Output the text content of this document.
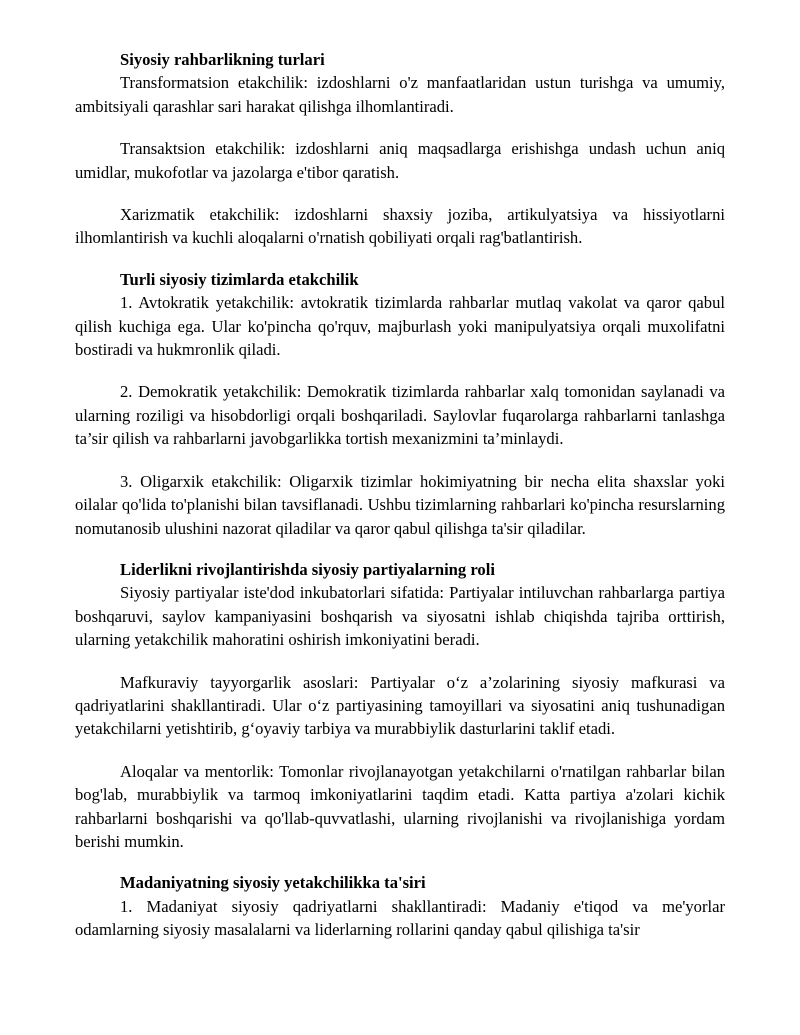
Siyosiy rahbarlikning turlari

Transformatsion etakchilik: izdoshlarni o'z manfaatlaridan ustun turishga va umumiy, ambitsiyali qarashlar sari harakat qilishga ilhomlantiradi.

Transaktsion etakchilik: izdoshlarni aniq maqsadlarga erishishga undash uchun aniq umidlar, mukofotlar va jazolarga e'tibor qaratish.

Xarizmatik etakchilik: izdoshlarni shaxsiy joziba, artikulyatsiya va hissiyotlarni ilhomlantirish va kuchli aloqalarni o'rnatish qobiliyati orqali rag'batlantirish.

Turli siyosiy tizimlarda etakchilik

1. Avtokratik yetakchilik: avtokratik tizimlarda rahbarlar mutlaq vakolat va qaror qabul qilish kuchiga ega. Ular ko'pincha qo'rquv, majburlash yoki manipulyatsiya orqali muxolifatni bostiradi va hukmronlik qiladi.

2. Demokratik yetakchilik: Demokratik tizimlarda rahbarlar xalq tomonidan saylanadi va ularning roziligi va hisobdorligi orqali boshqariladi. Saylovlar fuqarolarga rahbarlarni tanlashga ta’sir qilish va rahbarlarni javobgarlikka tortish mexanizmini ta’minlaydi.

3. Oligarxik etakchilik: Oligarxik tizimlar hokimiyatning bir necha elita shaxslar yoki oilalar qo'lida to'planishi bilan tavsiflanadi. Ushbu tizimlarning rahbarlari ko'pincha resurslarning nomutanosib ulushini nazorat qiladilar va qaror qabul qilishga ta'sir qiladilar.

Liderlikni rivojlantirishda siyosiy partiyalarning roli

Siyosiy partiyalar iste'dod inkubatorlari sifatida: Partiyalar intiluvchan rahbarlarga partiya boshqaruvi, saylov kampaniyasini boshqarish va siyosatni ishlab chiqishda tajriba orttirish, ularning yetakchilik mahoratini oshirish imkoniyatini beradi.

Mafkuraviy tayyorgarlik asoslari: Partiyalar o‘z a’zolarining siyosiy mafkurasi va qadriyatlarini shakllantiradi. Ular o‘z partiyasining tamoyillari va siyosatini aniq tushunadigan yetakchilarni yetishtirib, g‘oyaviy tarbiya va murabbiylik dasturlarini taklif etadi.

Aloqalar va mentorlik: Tomonlar rivojlanayotgan yetakchilarni o'rnatilgan rahbarlar bilan bog'lab, murabbiylik va tarmoq imkoniyatlarini taqdim etadi. Katta partiya a'zolari kichik rahbarlarni boshqarishi va qo'llab-quvvatlashi, ularning rivojlanishi va rivojlanishiga yordam berishi mumkin.

Madaniyatning siyosiy yetakchilikka ta'siri

1. Madaniyat siyosiy qadriyatlarni shakllantiradi: Madaniy e'tiqod va me'yorlar odamlarning siyosiy masalalarni va liderlarning rollarini qanday qabul qilishiga ta'sir
